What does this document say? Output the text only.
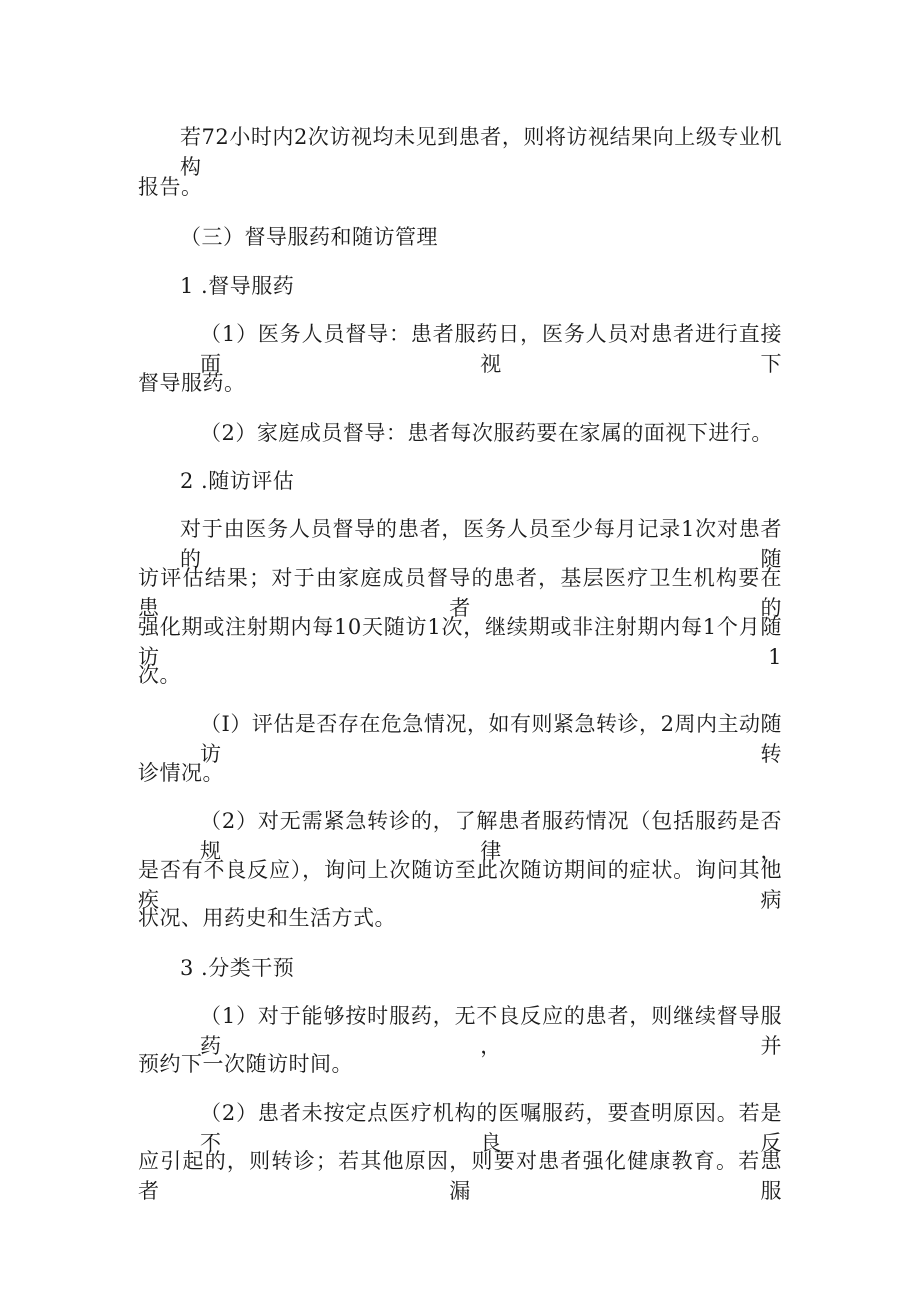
若72小时内2次访视均未见到患者，则将访视结果向上级专业机构
报告。
（三）督导服药和随访管理
1 .督导服药
（1）医务人员督导：患者服药日，医务人员对患者进行直接面视下
督导服药。
（2）家庭成员督导：患者每次服药要在家属的面视下进行。
2 .随访评估
对于由医务人员督导的患者，医务人员至少每月记录1次对患者的随
访评估结果；对于由家庭成员督导的患者，基层医疗卫生机构要在患者的
强化期或注射期内每10天随访1次，继续期或非注射期内每1个月随访1
次。
（I）评估是否存在危急情况，如有则紧急转诊，2周内主动随访转
诊情况。
（2）对无需紧急转诊的，了解患者服药情况（包括服药是否规律，
是否有不良反应），询问上次随访至此次随访期间的症状。询问其他疾病
状况、用药史和生活方式。
3 .分类干预
（1）对于能够按时服药，无不良反应的患者，则继续督导服药，并
预约下一次随访时间。
（2）患者未按定点医疗机构的医嘱服药，要查明原因。若是不良反
应引起的，则转诊；若其他原因，则要对患者强化健康教育。若患者漏服
